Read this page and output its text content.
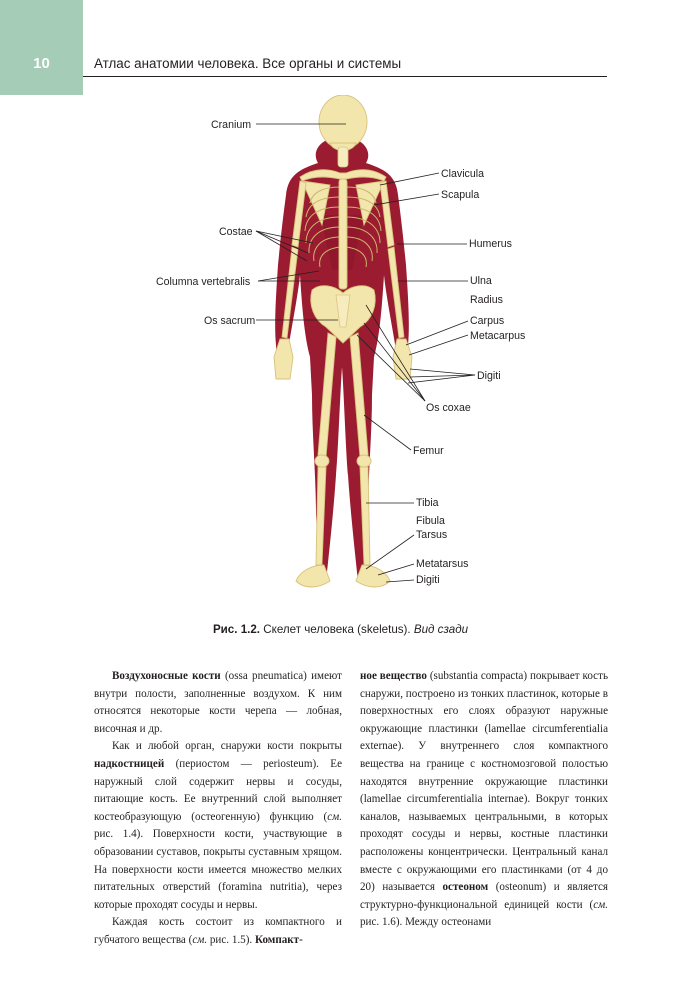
10	Атлас анатомии человека. Все органы и системы
Cranium
Clavicula
Scapula
Costae
Humerus
Columna vertebralis	Ulna
Radius
Os sacrum	Carpus
Metacarpus
Digiti
Os coxae
Femur
Tibia
Fibula
Tarsus
Metatarsus
Digiti
Рис. 1.2. Скелет человека (skeletus). Вид сзади

Воздухоносные кости (ossa pneumatica) имеют внутри полости, заполненные воздухом. К ним относятся некоторые кости черепа — лобная, височная и др.

Как и любой орган, снаружи кости покрыты надкостницей (периостом — periosteum). Ее наружный слой содержит нервы и сосуды, питающие кость. Ее внутренний слой выполняет костеобразующую (остеогенную) функцию (см. рис. 1.4). Поверхности кости, участвующие в образовании суставов, покрыты суставным хрящом. На поверхности кости имеется множество мелких питательных отверстий (foramina nutritia), через которые проходят сосуды и нервы.

Каждая кость состоит из компактного и губчатого вещества (см. рис. 1.5). Компакт-

ное вещество (substantia compacta) покрывает кость снаружи, построено из тонких пластинок, которые в поверхностных его слоях образуют наружные окружающие пластинки (lamellae circumferentialia externae). У внутреннего слоя компактного вещества на границе с костномозговой полостью находятся внутренние окружающие пластинки (lamellae circumferentialia internae). Вокруг тонких каналов, называемых центральными, в которых проходят сосуды и нервы, костные пластинки расположены концентрически. Центральный канал вместе с окружающими его пластинками (от 4 до 20) называется остеоном (osteonum) и является структурно-функциональной единицей кости (см. рис. 1.6). Между остеонами
